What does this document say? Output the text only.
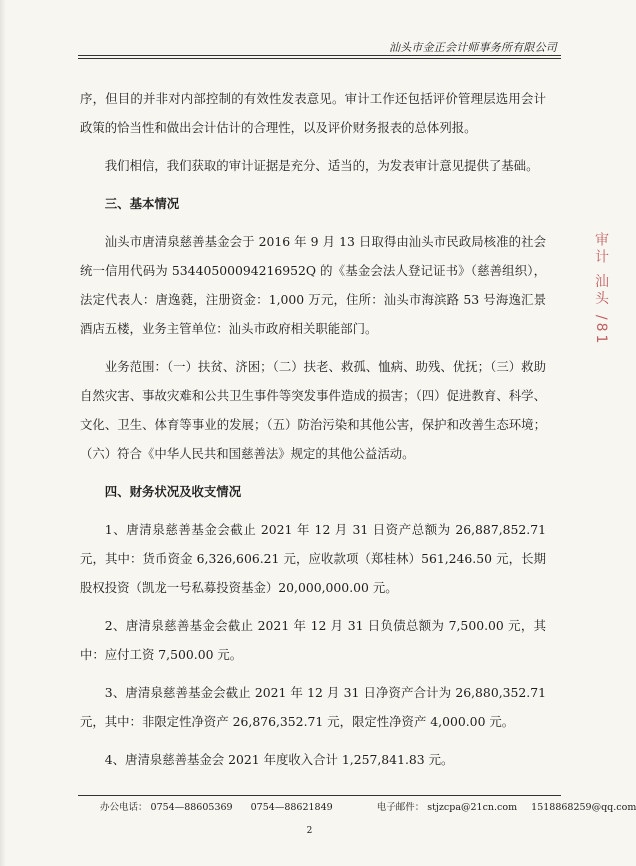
汕头市金正会计师事务所有限公司

序，但目的并非对内部控制的有效性发表意见。审计工作还包括评价管理层选用会计政策的恰当性和做出会计估计的合理性，以及评价财务报表的总体列报。

我们相信，我们获取的审计证据是充分、适当的，为发表审计意见提供了基础。

三、基本情况

汕头市唐清泉慈善基金会于 2016 年 9 月 13 日取得由汕头市民政局核准的社会统一信用代码为 53440500094216952Q 的《基金会法人登记证书》（慈善组织），法定代表人：唐逸蕤，注册资金：1,000 万元，住所：汕头市海滨路 53 号海逸汇景酒店五楼，业务主管单位：汕头市政府相关职能部门。

业务范围：（一）扶贫、济困；（二）扶老、救孤、恤病、助残、优抚；（三）救助自然灾害、事故灾难和公共卫生事件等突发事件造成的损害；（四）促进教育、科学、文化、卫生、体育等事业的发展；（五）防治污染和其他公害，保护和改善生态环境；（六）符合《中华人民共和国慈善法》规定的其他公益活动。

四、财务状况及收支情况

1、唐清泉慈善基金会截止 2021 年 12 月 31 日资产总额为 26,887,852.71 元，其中：货币资金 6,326,606.21 元，应收款项（郑桂林）561,246.50 元，长期股权投资（凯龙一号私募投资基金）20,000,000.00 元。

2、唐清泉慈善基金会截止 2021 年 12 月 31 日负债总额为 7,500.00 元，其中：应付工资 7,500.00 元。

3、唐清泉慈善基金会截止 2021 年 12 月 31 日净资产合计为 26,880,352.71 元，其中：非限定性净资产 26,876,352.71 元，限定性净资产 4,000.00 元。

4、唐清泉慈善基金会 2021 年度收入合计 1,257,841.83 元。

审计 汕头 /81
办公电话： 0754—88605369 0754—88621849	电子邮件： stjzcpa@21cn.com 1518868259@qq.com
2
